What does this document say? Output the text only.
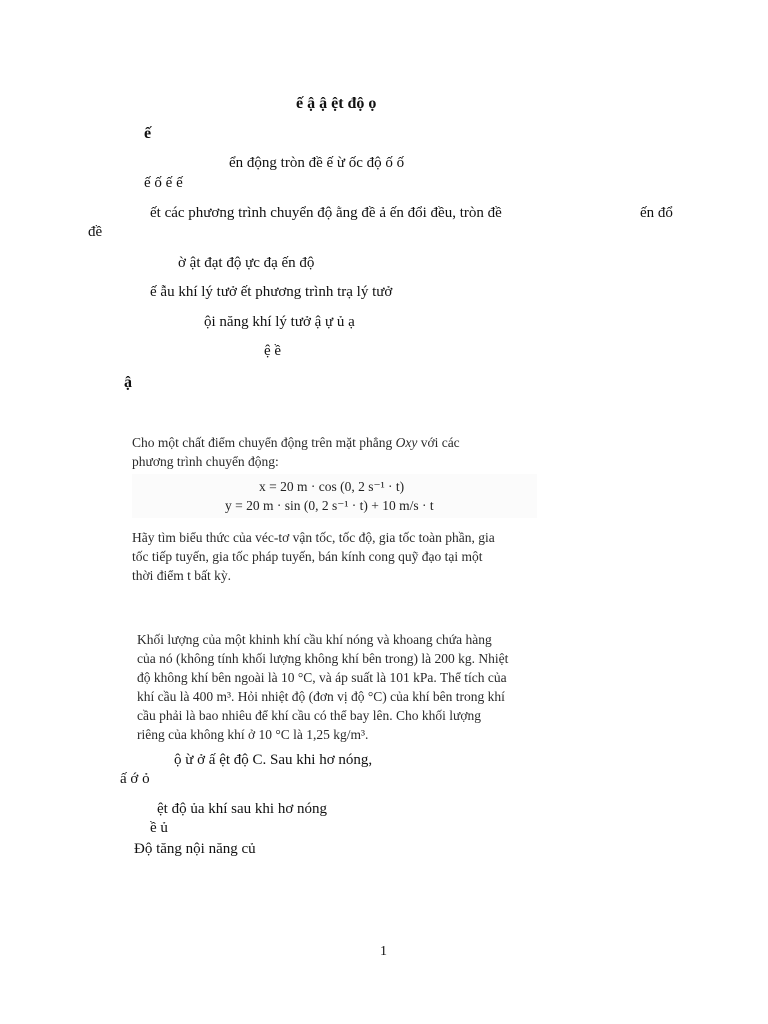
ế ậ ậ ệt độ ọ
ế
ển động tròn đề ế ừ ốc độ ố ố
ế ố ế ế
ết các phương trình chuyển độ ằng đề ả ến đổi đều, tròn đề	ến đổ
đề
ờ ật đạt độ ực đạ ến độ
ế ẫu khí lý tưở ết phương trình trạ lý tưở
ội năng khí lý tưở ậ ự ủ ạ
ệ ề
ậ
Cho một chất điểm chuyển động trên mặt phẳng Oxy với các
phương trình chuyển động:
x = 20 m · cos (0, 2 s⁻¹ · t)
y = 20 m · sin (0, 2 s⁻¹ · t) + 10 m/s · t
Hãy tìm biểu thức của véc-tơ vận tốc, tốc độ, gia tốc toàn phần, gia
tốc tiếp tuyến, gia tốc pháp tuyến, bán kính cong quỹ đạo tại một
thời điểm t bất kỳ.
Khối lượng của một khinh khí cầu khí nóng và khoang chứa hàng
của nó (không tính khối lượng không khí bên trong) là 200 kg. Nhiệt
độ không khí bên ngoài là 10 °C, và áp suất là 101 kPa. Thể tích của
khí cầu là 400 m³. Hỏi nhiệt độ (đơn vị độ °C) của khí bên trong khí
cầu phải là bao nhiêu để khí cầu có thể bay lên. Cho khối lượng
riêng của không khí ở 10 °C là 1,25 kg/m³.
ộ ừ ở ấ ệt độ C. Sau khi hơ nóng,
ấ ớ ỏ
ệt độ ủa khí sau khi hơ nóng
ề ủ
Độ tăng nội năng củ
1
